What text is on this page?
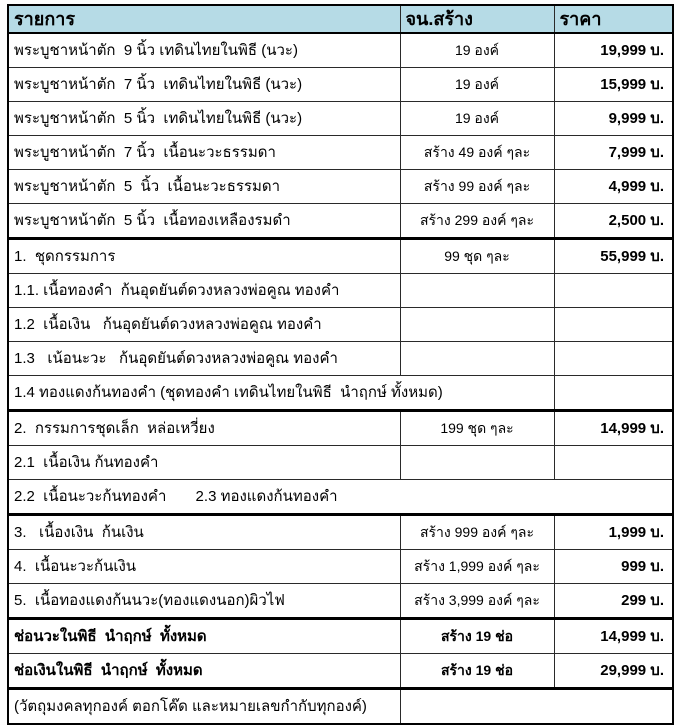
รายการ	จน.สร้าง	ราคา
พระบูชาหน้าตัก  9 นิ้ว เทดินไทยในพิธี (นวะ)	19 องค์	19,999 บ.
พระบูชาหน้าตัก  7 นิ้ว  เทดินไทยในพิธี (นวะ)	19 องค์	15,999 บ.
พระบูชาหน้าตัก  5 นิ้ว  เทดินไทยในพิธี (นวะ)	19 องค์	9,999 บ.
พระบูชาหน้าตัก  7 นิ้ว  เนื้อนะวะธรรมดา	สร้าง 49 องค์ ๆละ	7,999 บ.
พระบูชาหน้าตัก  5  นิ้ว  เนื้อนะวะธรรมดา	สร้าง 99 องค์ ๆละ	4,999 บ.
พระบูชาหน้าตัก  5 นิ้ว  เนื้อทองเหลืองรมดำ	สร้าง 299 องค์ ๆละ	2,500 บ.
1.  ชุดกรรมการ	99 ชุด ๆละ	55,999 บ.
1.1. เนื้อทองคำ  ก้นอุดยันต์ดวงหลวงพ่อคูณ ทองคำ		
1.2  เนื้อเงิน   ก้นอุดยันต์ดวงหลวงพ่อคูณ ทองคำ		
1.3   เน้อนะวะ   ก้นอุดยันต์ดวงหลวงพ่อคูณ ทองคำ		
1.4 ทองแดงก้นทองคำ (ชุดทองคำ เทดินไทยในพิธี  นำฤกษ์ ทั้งหมด)		
2.  กรรมการชุดเล็ก  หล่อเหวี่ยง	199 ชุด ๆละ	14,999 บ.
2.1  เนื้อเงิน ก้นทองคำ		
2.2  เนื้อนะวะก้นทองคำ       2.3 ทองแดงก้นทองคำ		
3.   เนื้องเงิน  ก้นเงิน	สร้าง 999 องค์ ๆละ	1,999 บ.
4.  เนื้อนะวะก้นเงิน	สร้าง 1,999 องค์ ๆละ	999 บ.
5.  เนื้อทองแดงก้นนวะ(ทองแดงนอก)ผิวไฟ	สร้าง 3,999 องค์ ๆละ	299 บ.
ช่อนวะในพิธี  นำฤกษ์  ทั้งหมด	สร้าง 19 ช่อ	14,999 บ.
ช่อเงินในพิธี  นำฤกษ์  ทั้งหมด	สร้าง 19 ช่อ	29,999 บ.
(วัตถุมงคลทุกองค์ ตอกโค๊ด และหมายเลขกำกับทุกองค์)		
